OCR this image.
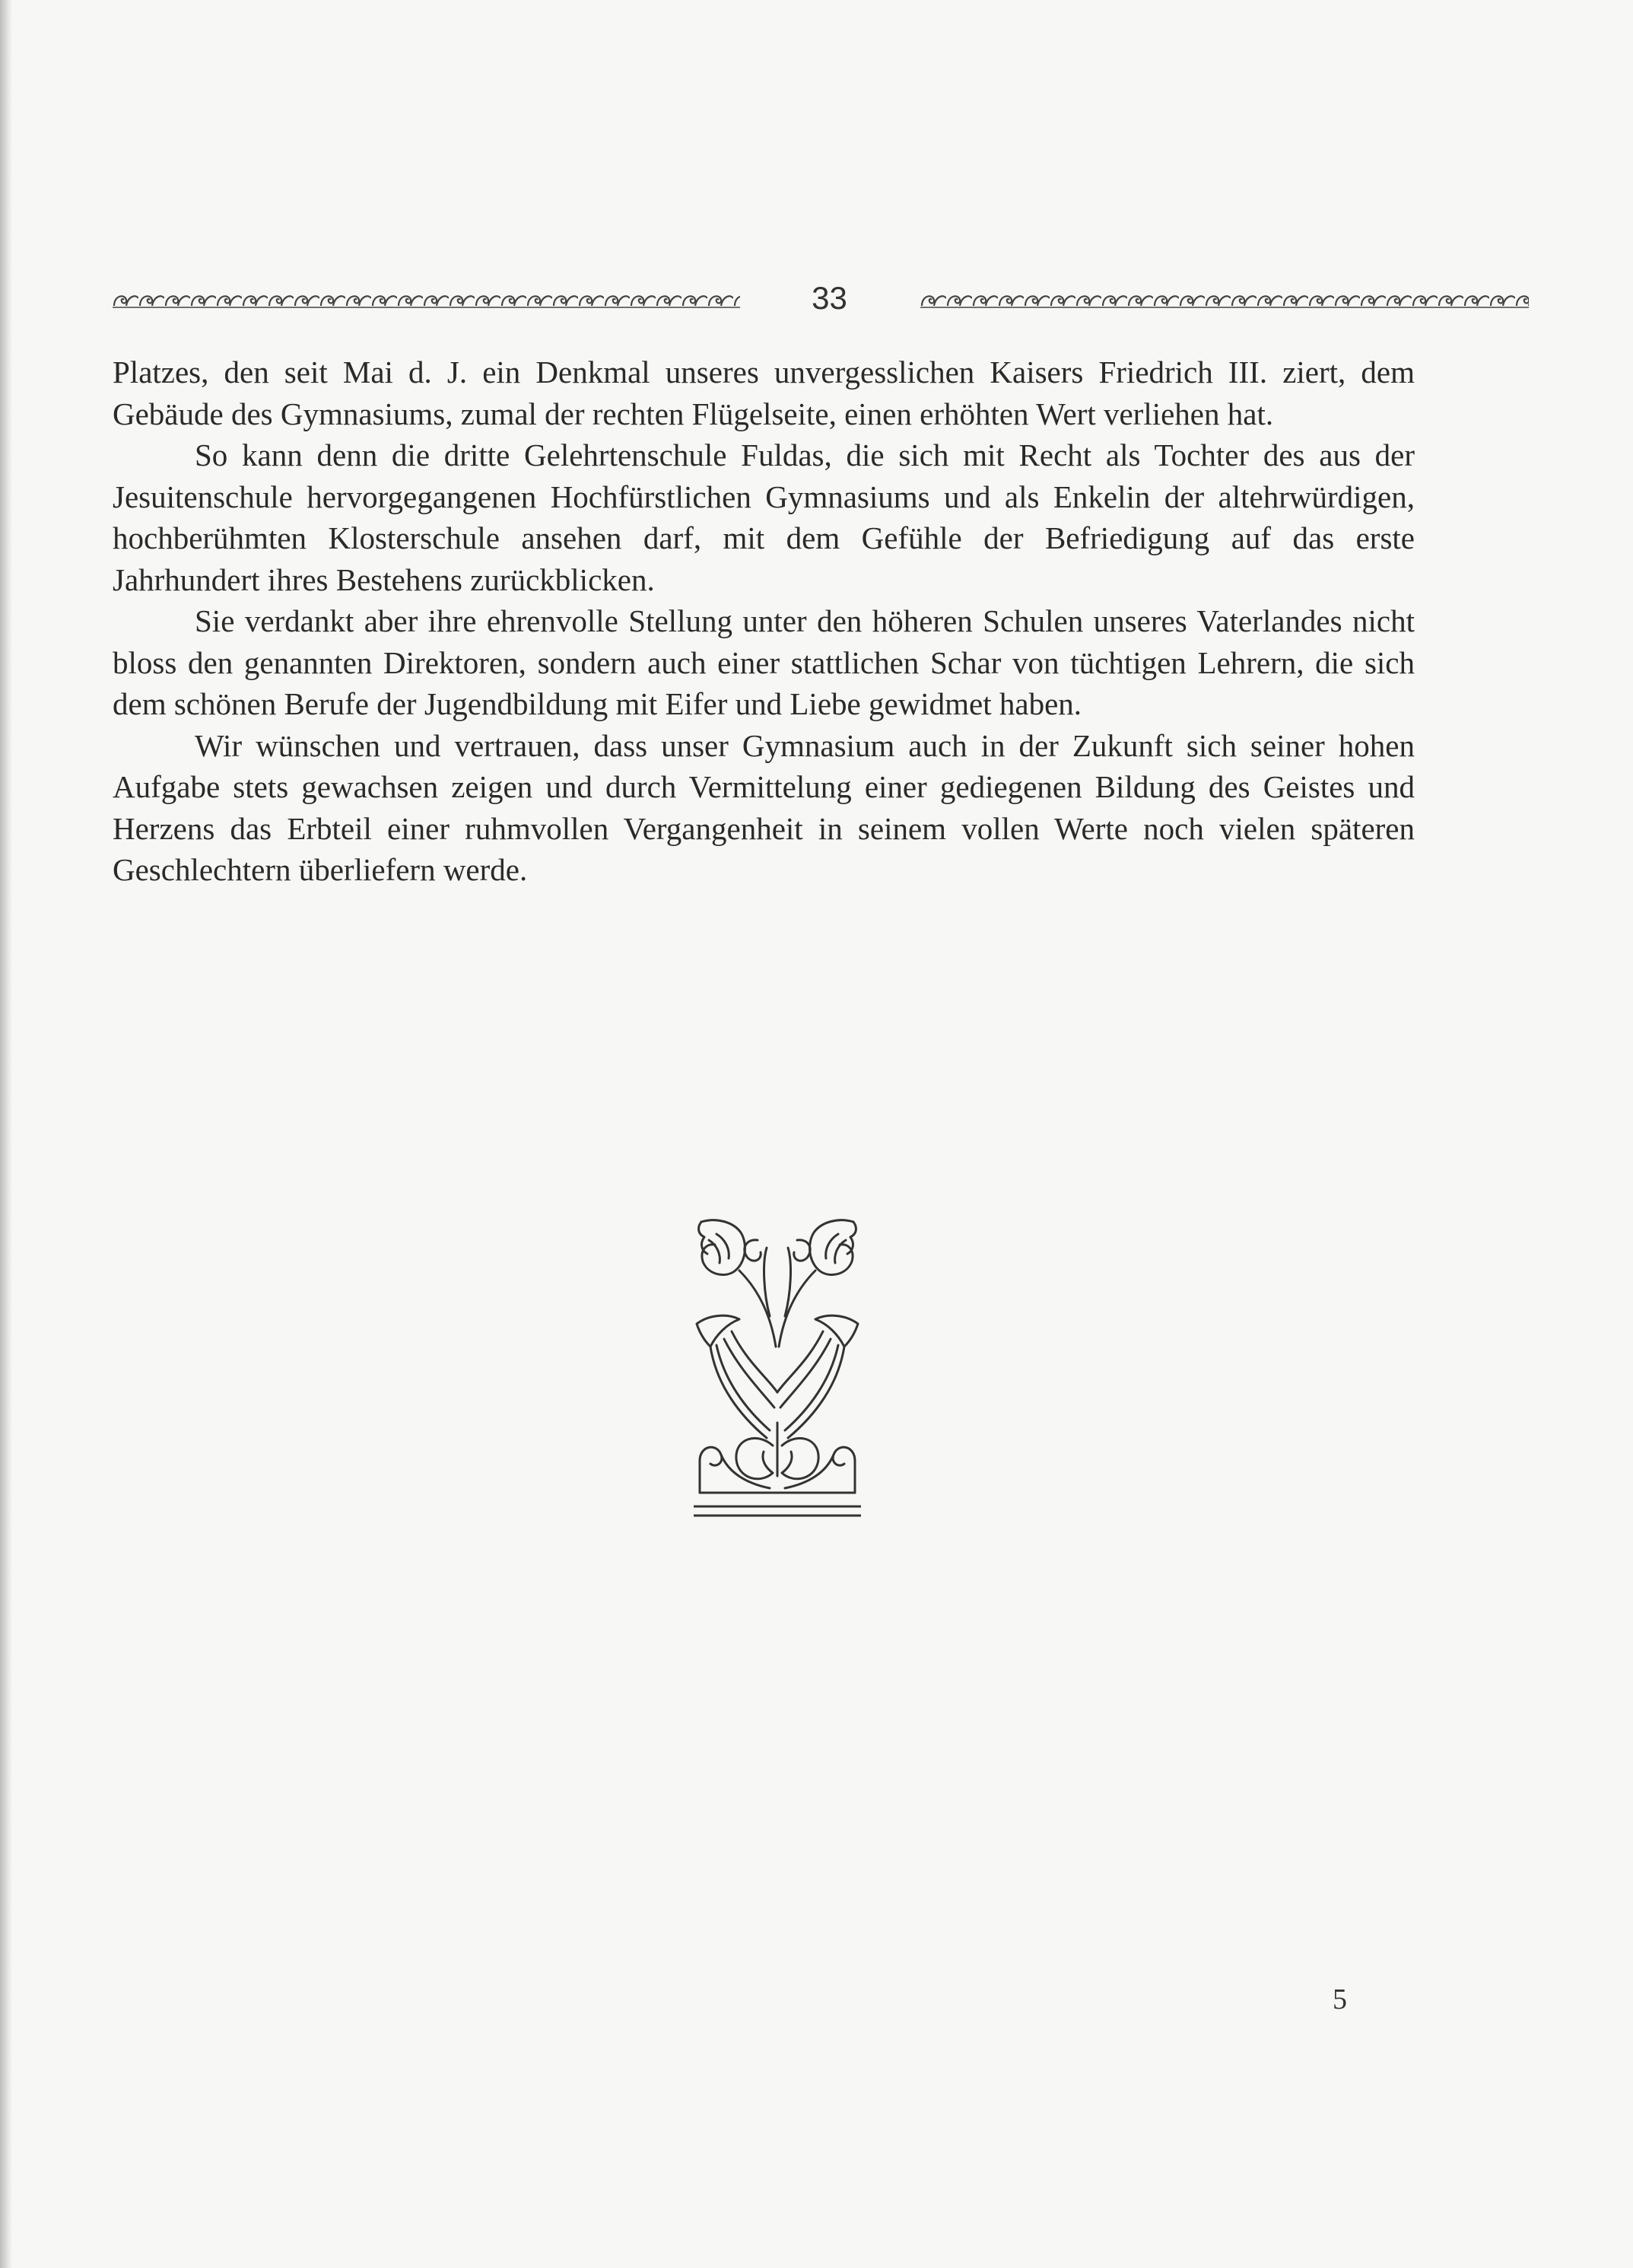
33

Platzes, den seit Mai d. J. ein Denkmal unseres unvergesslichen Kaisers Friedrich III. ziert, dem Gebäude des Gymnasiums, zumal der rechten Flügelseite, einen erhöhten Wert verliehen hat.

So kann denn die dritte Gelehrtenschule Fuldas, die sich mit Recht als Tochter des aus der Jesuitenschule hervorgegangenen Hochfürstlichen Gymnasiums und als Enkelin der altehrwürdigen, hochberühmten Klosterschule ansehen darf, mit dem Gefühle der Befriedigung auf das erste Jahrhundert ihres Bestehens zurückblicken.

Sie verdankt aber ihre ehrenvolle Stellung unter den höheren Schulen unseres Vaterlandes nicht bloss den genannten Direktoren, sondern auch einer stattlichen Schar von tüchtigen Lehrern, die sich dem schönen Berufe der Jugendbildung mit Eifer und Liebe gewidmet haben.

Wir wünschen und vertrauen, dass unser Gymnasium auch in der Zukunft sich seiner hohen Aufgabe stets gewachsen zeigen und durch Vermittelung einer gediegenen Bildung des Geistes und Herzens das Erbteil einer ruhmvollen Vergangenheit in seinem vollen Werte noch vielen späteren Geschlechtern überliefern werde.

5
